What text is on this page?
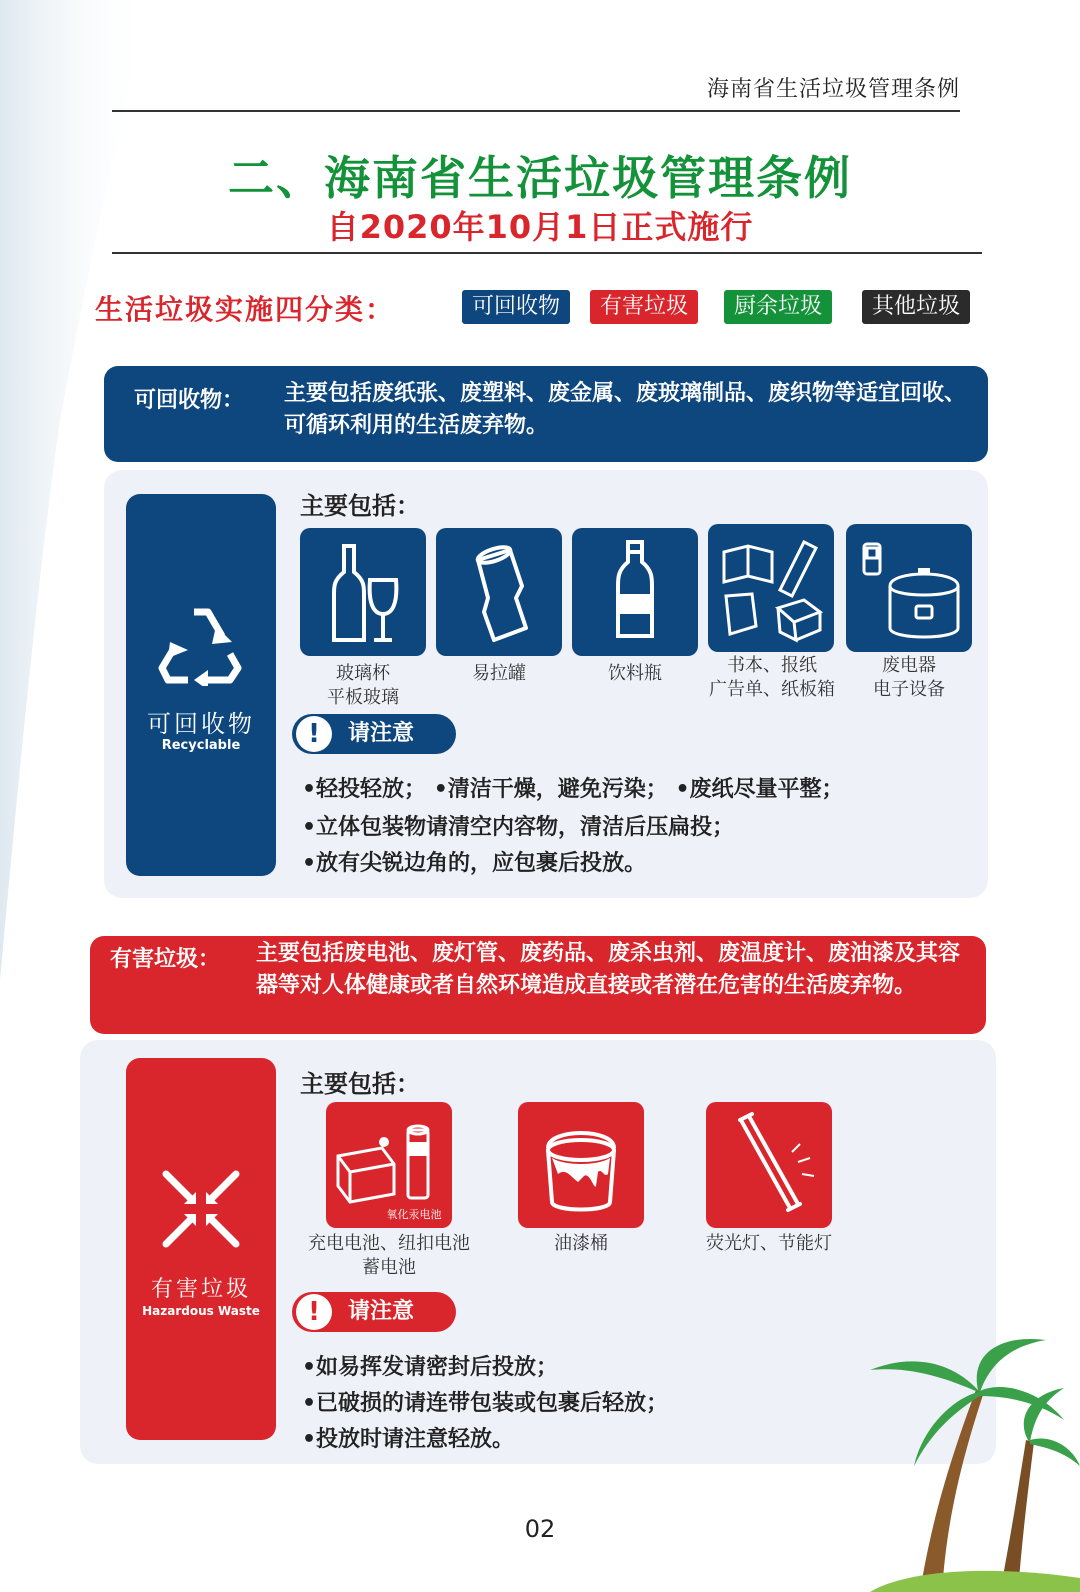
海南省生活垃圾管理条例
二、海南省生活垃圾管理条例
自2020年10月1日正式施行
生活垃圾实施四分类：	可回收物	有害垃圾	厨余垃圾	其他垃圾
可回收物： 主要包括废纸张、废塑料、废金属、废玻璃制品、废织物等适宜回收、可循环利用的生活废弃物。
可回收物
Recyclable
主要包括：
玻璃杯
平板玻璃
易拉罐	饮料瓶	书本、报纸
广告单、纸板箱
废电器
电子设备
!	请注意
•轻投轻放； •清洁干燥，避免污染； •废纸尽量平整；
•立体包装物请清空内容物，清洁后压扁投；
•放有尖锐边角的，应包裹后投放。
有害垃圾： 主要包括废电池、废灯管、废药品、废杀虫剂、废温度计、废油漆及其容器等对人体健康或者自然环境造成直接或者潜在危害的生活废弃物。
有害垃圾
Hazardous Waste
主要包括：
氧化汞电池
充电电池、纽扣电池
蓄电池
油漆桶	荧光灯、节能灯
!	请注意
•如易挥发请密封后投放；
•已破损的请连带包装或包裹后轻放；
•投放时请注意轻放。
02
